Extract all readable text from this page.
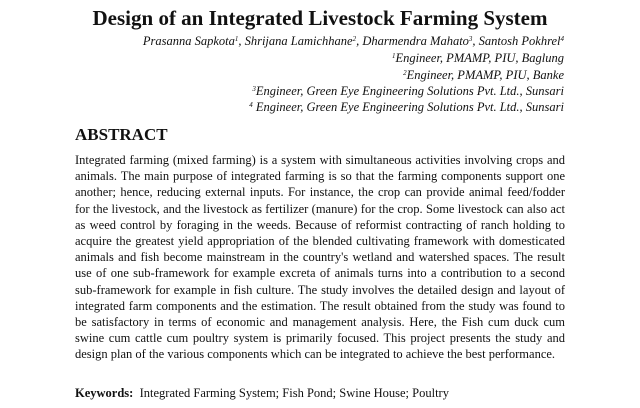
Design of an Integrated Livestock Farming System
Prasanna Sapkota$^1$, Shrijana Lamichhane$^2$, Dharmendra Mahato$^3$, Santosh Pokhrel$^4$
$^1$Engineer, PMAMP, PIU, Baglung
$^2$Engineer, PMAMP, PIU, Banke
$^3$Engineer, Green Eye Engineering Solutions Pvt. Ltd., Sunsari
$^4$ Engineer, Green Eye Engineering Solutions Pvt. Ltd., Sunsari
ABSTRACT
Integrated farming (mixed farming) is a system with simultaneous activities involving crops and animals. The main purpose of integrated farming is so that the farming components support one another; hence, reducing external inputs. For instance, the crop can provide animal feed/fodder for the livestock, and the livestock as fertilizer (manure) for the crop. Some livestock can also act as weed control by foraging in the weeds. Because of reformist contracting of ranch holding to acquire the greatest yield appropriation of the blended cultivating framework with domesticated animals and fish become mainstream in the country's wetland and watershed spaces. The result use of one sub-framework for example excreta of animals turns into a contribution to a second sub-framework for example in fish culture. The study involves the detailed design and layout of integrated farm components and the estimation. The result obtained from the study was found to be satisfactory in terms of economic and management analysis. Here, the Fish cum duck cum swine cum cattle cum poultry system is primarily focused. This project presents the study and design plan of the various components which can be integrated to achieve the best performance.
Keywords: Integrated Farming System; Fish Pond; Swine House; Poultry
